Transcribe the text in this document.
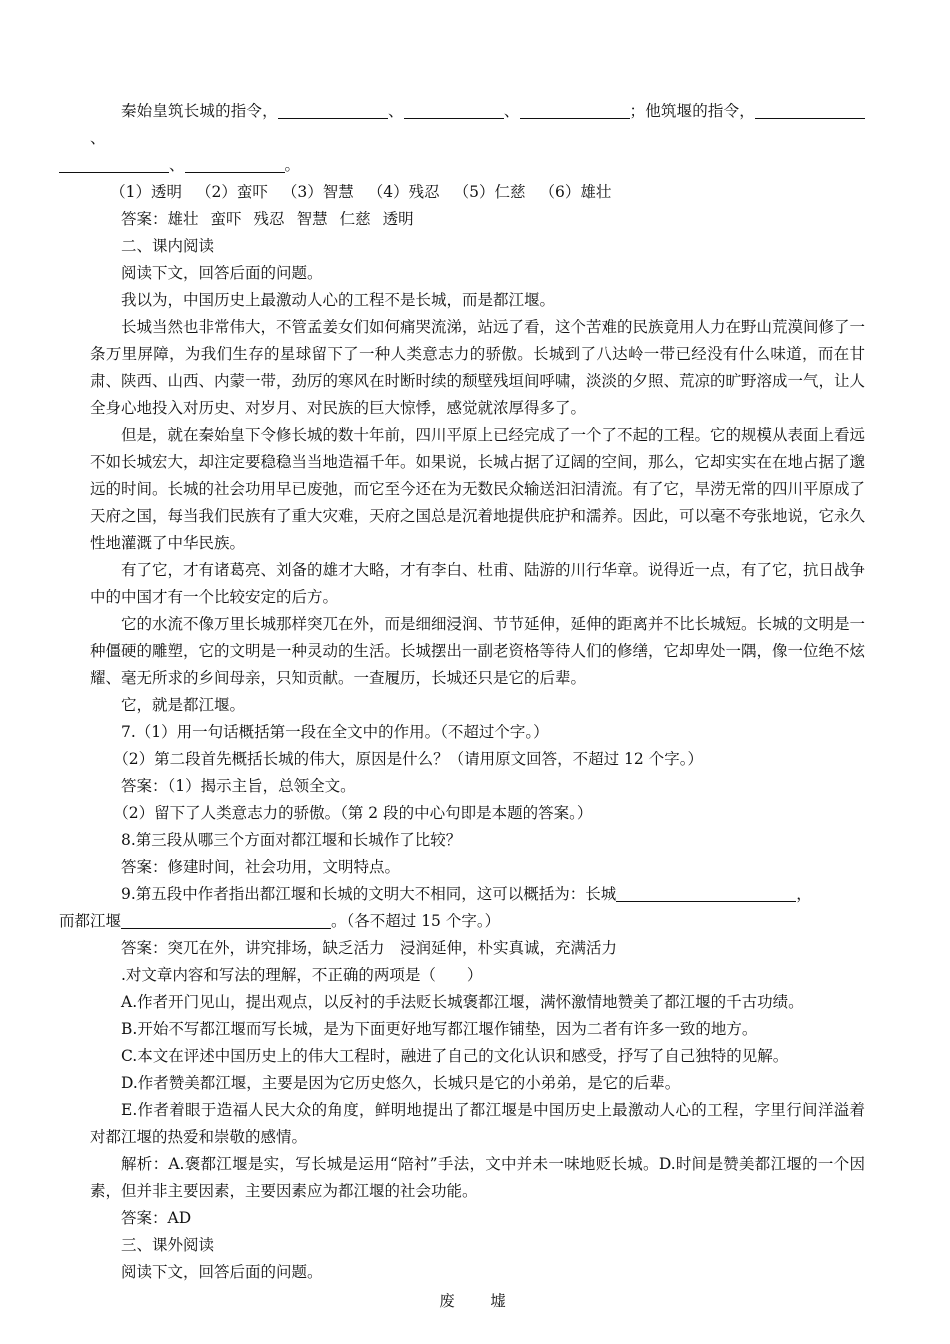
秦始皇筑长城的指令，	、	、	；他筑堰的指令，、
、	。

（1）透明 （2）蛮吓 （3）智慧 （4）残忍 （5）仁慈 （6）雄壮

答案：雄壮 蛮吓 残忍 智慧 仁慈 透明

二、课内阅读

阅读下文，回答后面的问题。

我以为，中国历史上最激动人心的工程不是长城，而是都江堰。

长城当然也非常伟大，不管孟姜女们如何痛哭流涕，站远了看，这个苦难的民族竟用人力在野山荒漠间修了一条万里屏障，为我们生存的星球留下了一种人类意志力的骄傲。长城到了八达岭一带已经没有什么味道，而在甘肃、陕西、山西、内蒙一带，劲厉的寒风在时断时续的颓壁残垣间呼啸，淡淡的夕照、荒凉的旷野溶成一气，让人全身心地投入对历史、对岁月、对民族的巨大惊悸，感觉就浓厚得多了。

但是，就在秦始皇下令修长城的数十年前，四川平原上已经完成了一个了不起的工程。它的规模从表面上看远不如长城宏大，却注定要稳稳当当地造福千年。如果说，长城占据了辽阔的空间，那么，它却实实在在地占据了邈远的时间。长城的社会功用早已废弛，而它至今还在为无数民众输送汩汩清流。有了它，旱涝无常的四川平原成了天府之国，每当我们民族有了重大灾难，天府之国总是沉着地提供庇护和濡养。因此，可以毫不夸张地说，它永久性地灌溉了中华民族。

有了它，才有诸葛亮、刘备的雄才大略，才有李白、杜甫、陆游的川行华章。说得近一点，有了它，抗日战争中的中国才有一个比较安定的后方。

它的水流不像万里长城那样突兀在外，而是细细浸润、节节延伸，延伸的距离并不比长城短。长城的文明是一种僵硬的雕塑，它的文明是一种灵动的生活。长城摆出一副老资格等待人们的修缮，它却卑处一隅，像一位绝不炫耀、毫无所求的乡间母亲，只知贡献。一查履历，长城还只是它的后辈。

它，就是都江堰。

7.（1）用一句话概括第一段在全文中的作用。（不超过个字。）

（2）第二段首先概括长城的伟大，原因是什么？（请用原文回答，不超过 12 个字。）

答案：（1）揭示主旨，总领全文。

（2）留下了人类意志力的骄傲。（第 2 段的中心句即是本题的答案。）

8.第三段从哪三个方面对都江堰和长城作了比较？

答案：修建时间，社会功用，文明特点。

9.第五段中作者指出都江堰和长城的文明大不相同，这可以概括为：长城	，
而都江堰	。（各不超过 15 个字。）

答案：突兀在外，讲究排场，缺乏活力　浸润延伸，朴实真诚，充满活力

.对文章内容和写法的理解，不正确的两项是（　　）

A.作者开门见山，提出观点，以反衬的手法贬长城褒都江堰，满怀激情地赞美了都江堰的千古功绩。

B.开始不写都江堰而写长城，是为下面更好地写都江堰作铺垫，因为二者有许多一致的地方。

C.本文在评述中国历史上的伟大工程时，融进了自己的文化认识和感受，抒写了自己独特的见解。

D.作者赞美都江堰，主要是因为它历史悠久，长城只是它的小弟弟，是它的后辈。

E.作者着眼于造福人民大众的角度，鲜明地提出了都江堰是中国历史上最激动人心的工程，字里行间洋溢着对都江堰的热爱和崇敬的感情。

解析：A.褒都江堰是实，写长城是运用“陪衬”手法，文中并未一味地贬长城。D.时间是赞美都江堰的一个因素，但并非主要因素，主要因素应为都江堰的社会功能。

答案：AD

三、课外阅读

阅读下文，回答后面的问题。

废　墟
